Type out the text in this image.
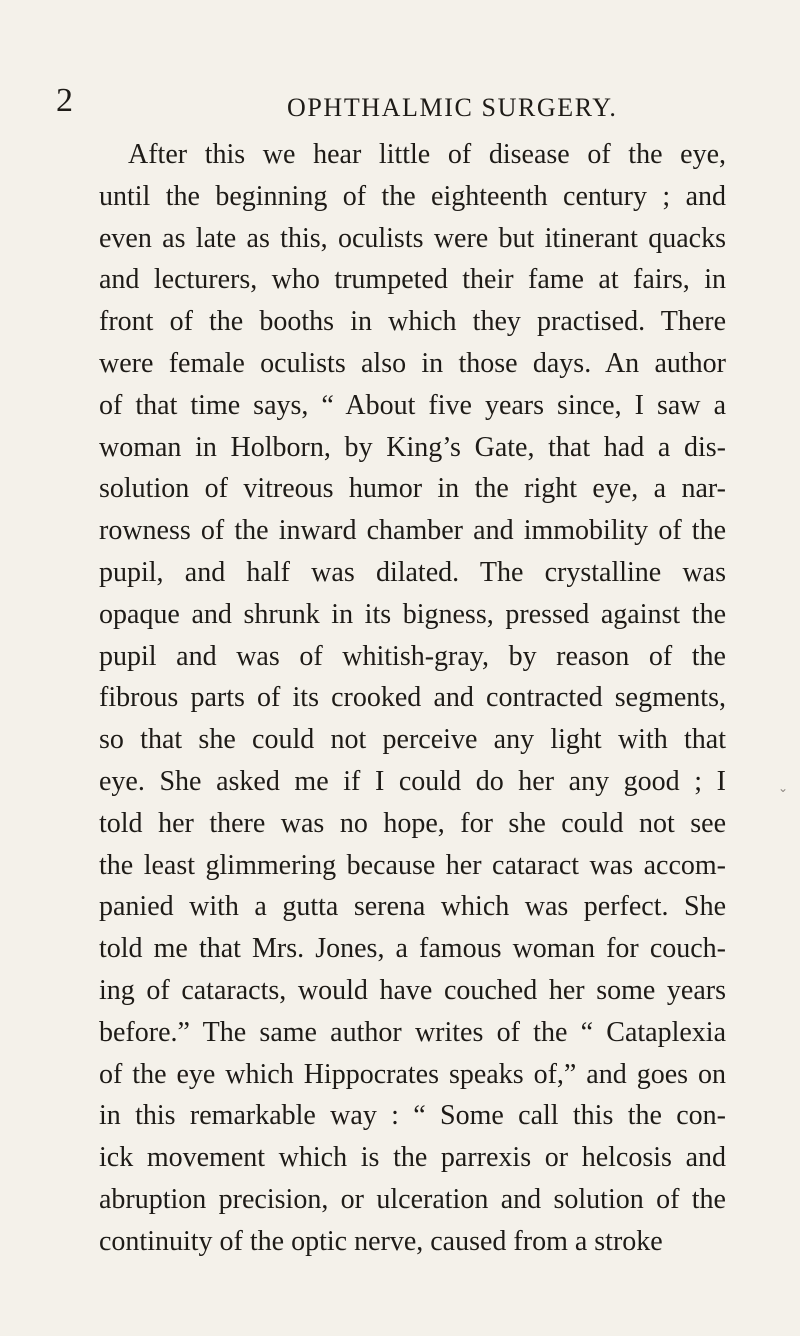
2	OPHTHALMIC SURGERY.
After this we hear little of disease of the eye,
until the beginning of the eighteenth century ; and
even as late as this, oculists were but itinerant quacks
and lecturers, who trumpeted their fame at fairs, in
front of the booths in which they practised. There
were female oculists also in those days. An author
of that time says, “ About five years since, I saw a
woman in Holborn, by King’s Gate, that had a dis-
solution of vitreous humor in the right eye, a nar-
rowness of the inward chamber and immobility of the
pupil, and half was dilated. The crystalline was
opaque and shrunk in its bigness, pressed against the
pupil and was of whitish-gray, by reason of the
fibrous parts of its crooked and contracted segments,
so that she could not perceive any light with that
eye. She asked me if I could do her any good ; I
told her there was no hope, for she could not see
the least glimmering because her cataract was accom-
panied with a gutta serena which was perfect. She
told me that Mrs. Jones, a famous woman for couch-
ing of cataracts, would have couched her some years
before.” The same author writes of the “ Cataplexia
of the eye which Hippocrates speaks of,” and goes on
in this remarkable way : “ Some call this the con-
ick movement which is the parrexis or helcosis and
abruption precision, or ulceration and solution of the
continuity of the optic nerve, caused from a stroke
⌄
